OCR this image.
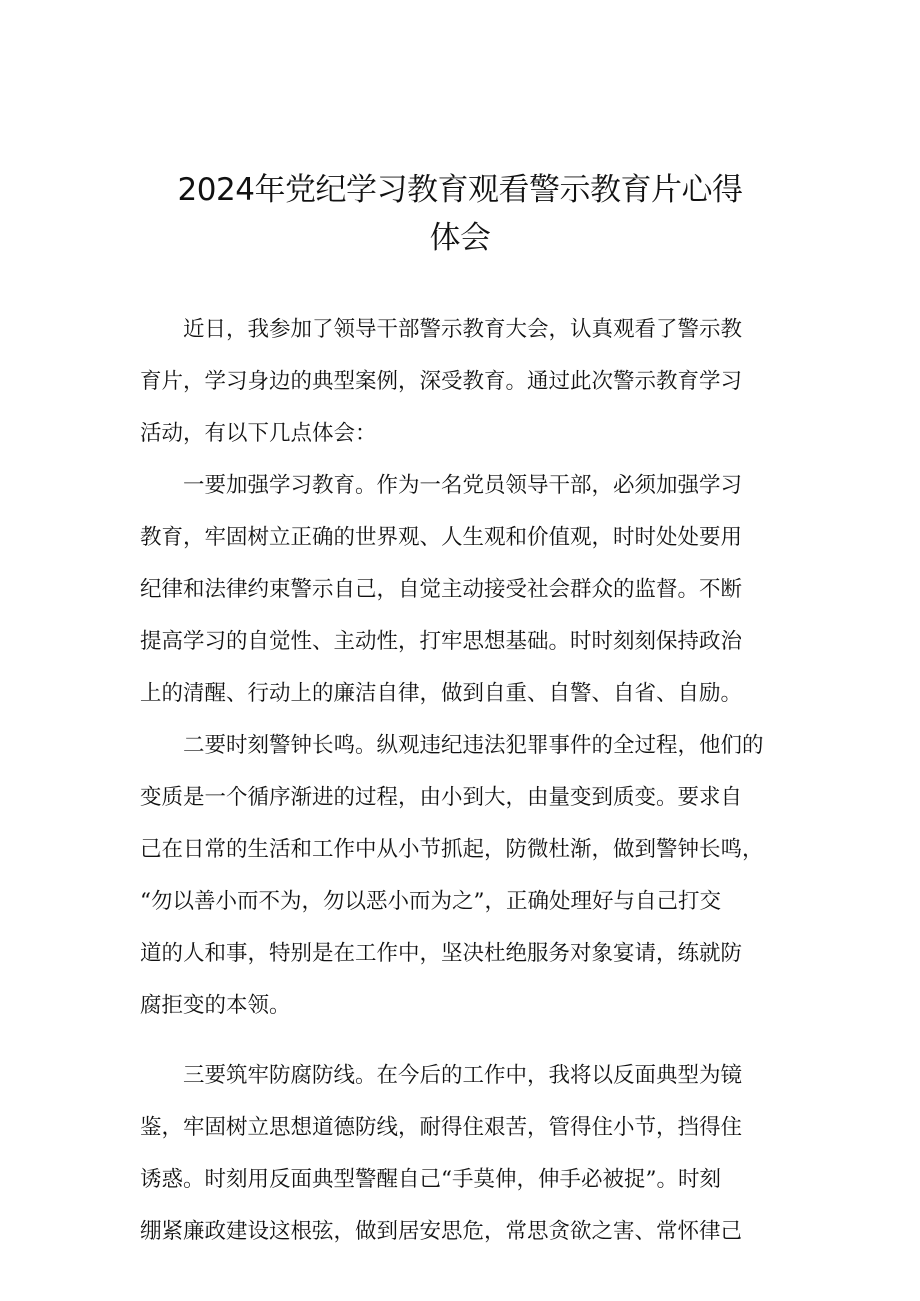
2024年党纪学习教育观看警示教育片心得
体会
　　近日，我参加了领导干部警示教育大会，认真观看了警示教
育片，学习身边的典型案例，深受教育。通过此次警示教育学习
活动，有以下几点体会：
　　一要加强学习教育。作为一名党员领导干部，必须加强学习
教育，牢固树立正确的世界观、人生观和价值观，时时处处要用
纪律和法律约束警示自己，自觉主动接受社会群众的监督。不断
提高学习的自觉性、主动性，打牢思想基础。时时刻刻保持政治
上的清醒、行动上的廉洁自律，做到自重、自警、自省、自励。
　　二要时刻警钟长鸣。纵观违纪违法犯罪事件的全过程，他们的
变质是一个循序渐进的过程，由小到大，由量变到质变。要求自
己在日常的生活和工作中从小节抓起，防微杜渐，做到警钟长鸣，
“勿以善小而不为，勿以恶小而为之”，正确处理好与自己打交
道的人和事，特别是在工作中，坚决杜绝服务对象宴请，练就防
腐拒变的本领。
　　三要筑牢防腐防线。在今后的工作中，我将以反面典型为镜
鉴，牢固树立思想道德防线，耐得住艰苦，管得住小节，挡得住
诱惑。时刻用反面典型警醒自己“手莫伸，伸手必被捉”。时刻
绷紧廉政建设这根弦，做到居安思危，常思贪欲之害、常怀律己
